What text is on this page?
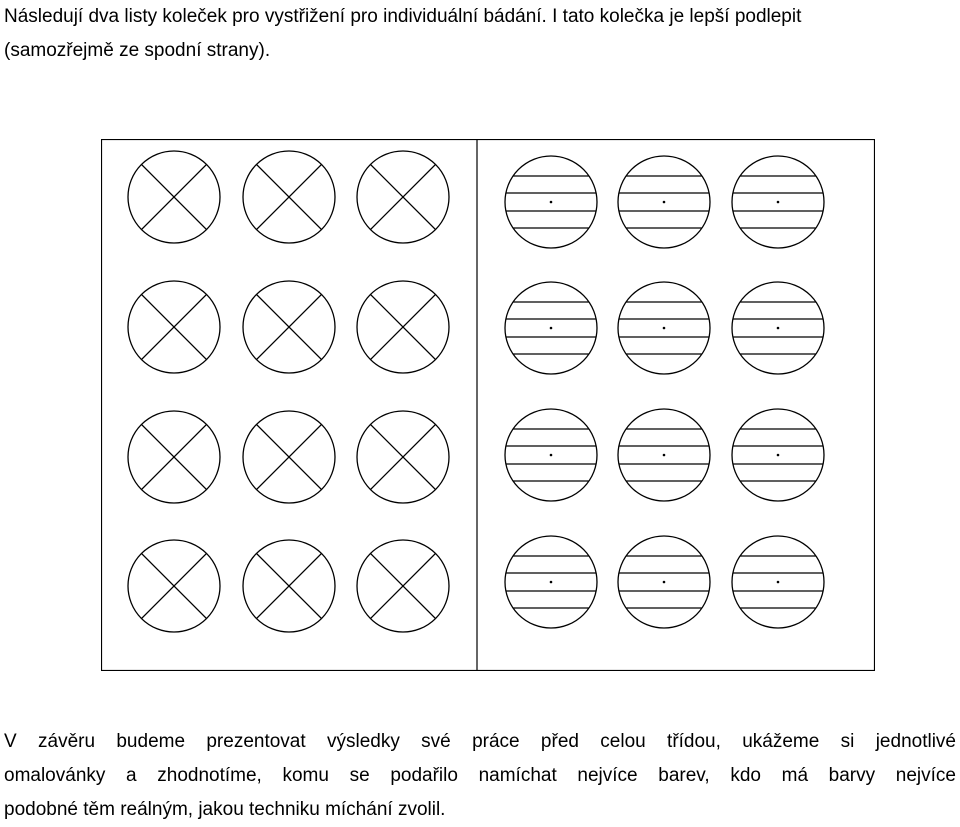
Následují dva listy koleček pro vystřižení pro individuální bádání. I tato kolečka je lepší podlepit
(samozřejmě ze spodní strany).
V závěru budeme prezentovat výsledky své práce před celou třídou, ukážeme si jednotlivé
omalovánky a zhodnotíme, komu se podařilo namíchat nejvíce barev, kdo má barvy nejvíce
podobné těm reálným, jakou techniku míchání zvolil.
